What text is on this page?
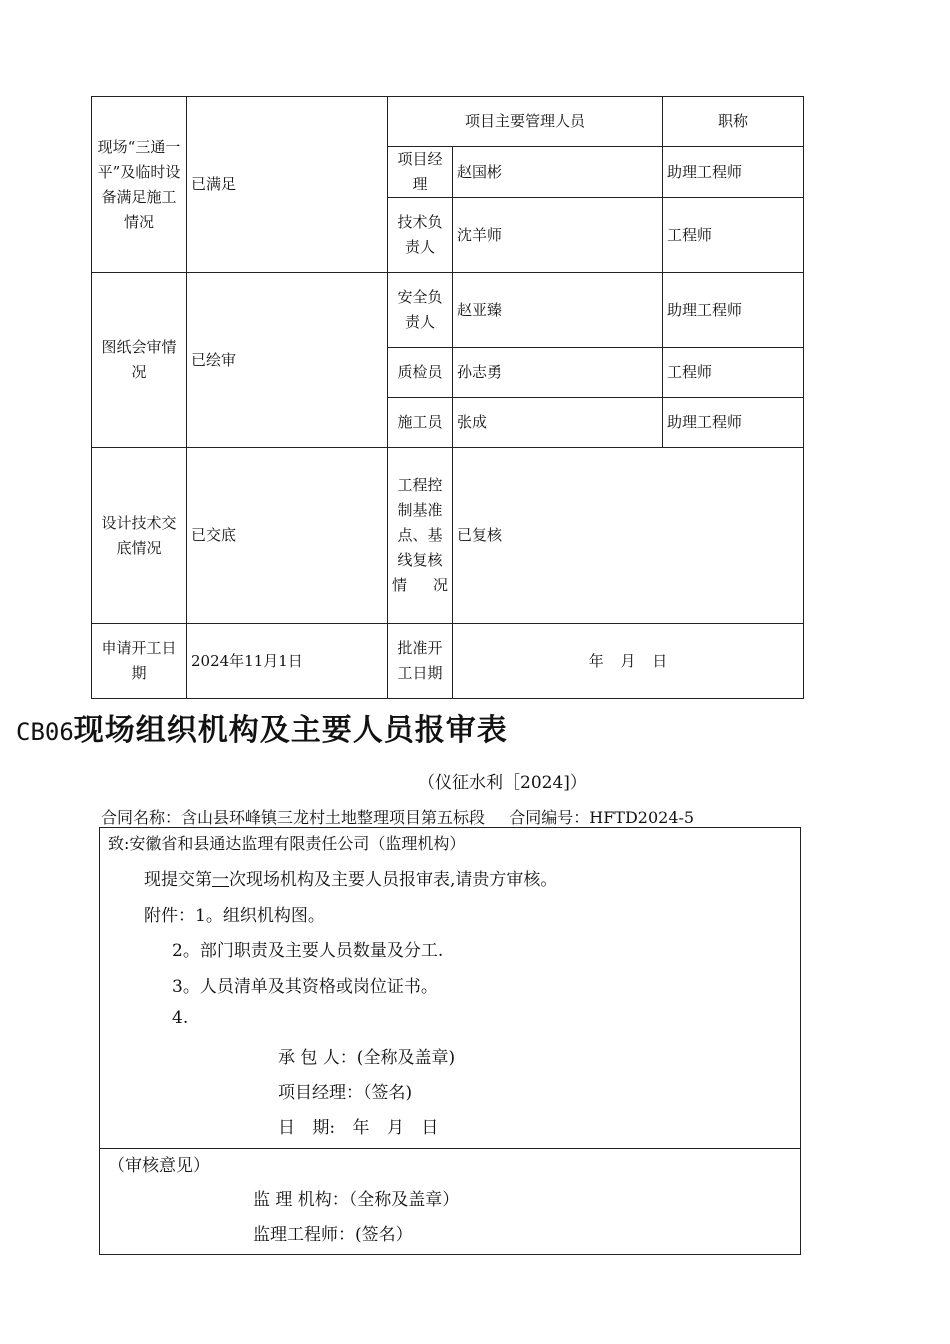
现场“三通一平”及临时设备满足施工情况	已满足	项目主要管理人员		职称
		项目经理	赵国彬	助理工程师
		技术负责人	沈羊师	工程师
图纸会审情况	已绘审	安全负责人	赵亚臻	助理工程师
		质检员	孙志勇	工程师
		施工员	张成	助理工程师
设计技术交底情况	已交底	工程控制基准点、基线复核情况	已复核	
申请开工日期	2024年11月1日	批准开工日期	年 月 日	
CB06现场组织机构及主要人员报审表
（仪征水利［2024]）
合同名称：含山县环峰镇三龙村土地整理项目第五标段 合同编号：HFTD2024-5
致:安徽省和县通达监理有限责任公司（监理机构）
现提交第一次现场机构及主要人员报审表,请贵方审核。
附件：1。组织机构图。
2。部门职责及主要人员数量及分工.
3。人员清单及其资格或岗位证书。
4.
承 包 人：(全称及盖章)
项目经理：（签名)
日 期: 年 月 日
（审核意见）
监 理 机构：（全称及盖章）
监理工程师：(签名）
